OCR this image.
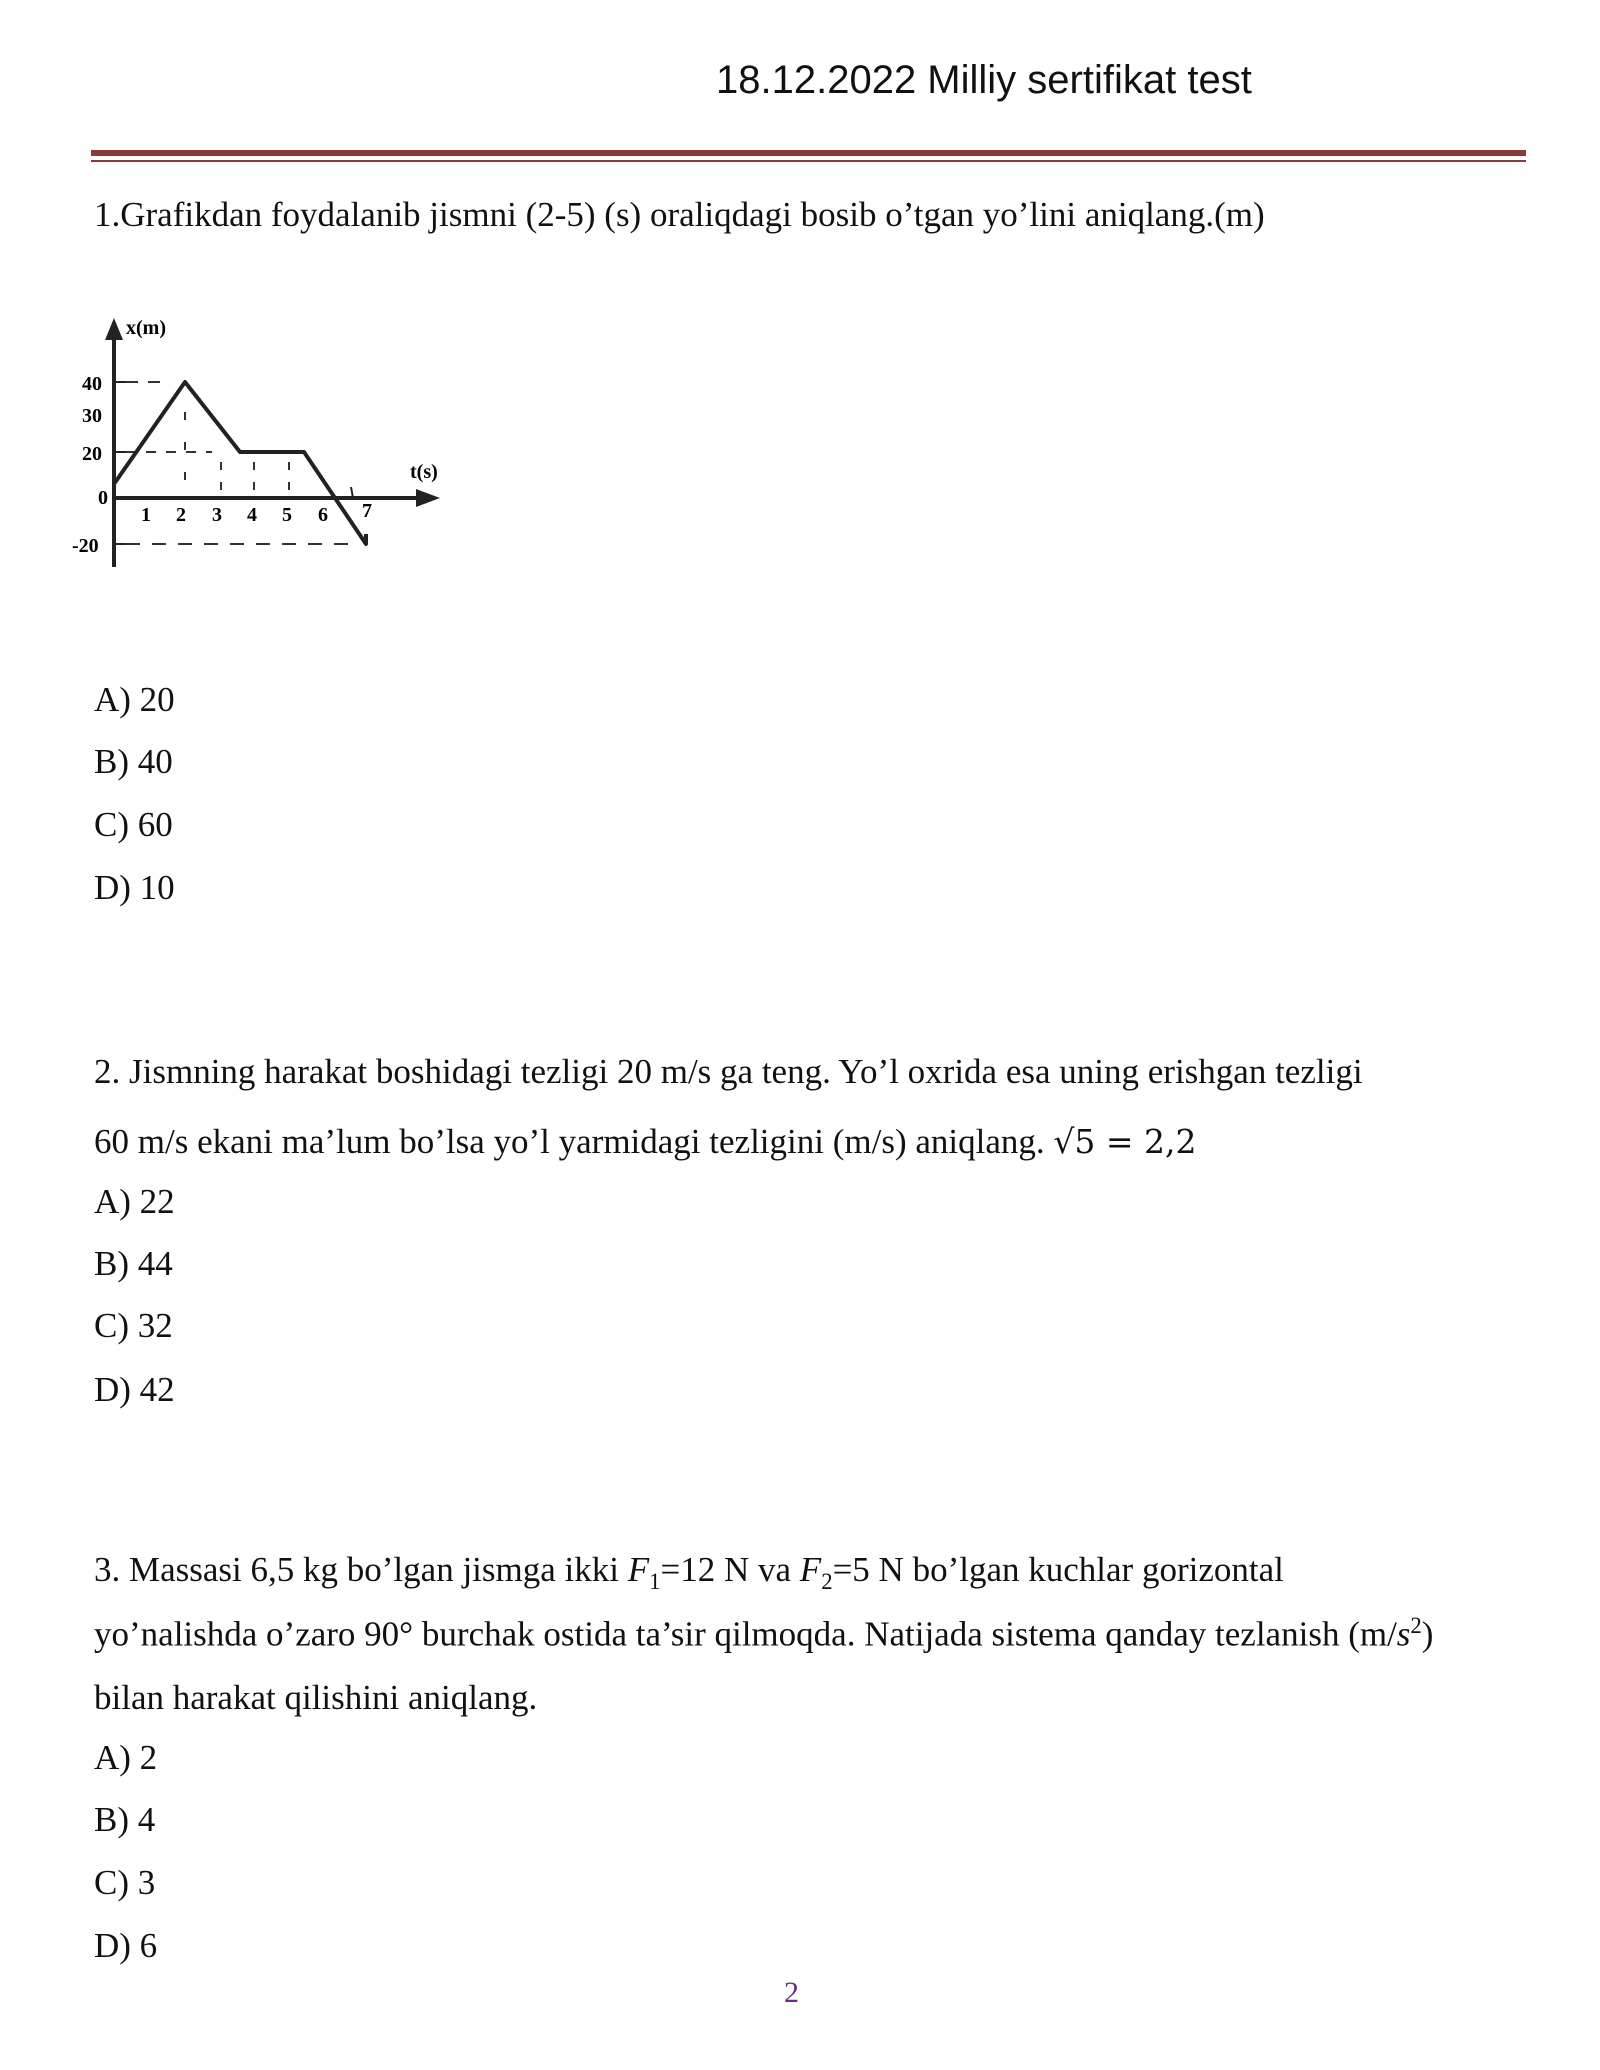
18.12.2022 Milliy sertifikat test
1.Grafikdan foydalanib jismni (2-5) (s) oraliqdagi bosib o’tgan yo’lini aniqlang.(m)
x(m)
t(s)
40
30
20
0
-20
1 2 3 4 5 6 7
A) 20
B) 40
C) 60
D) 10
2. Jismning harakat boshidagi tezligi 20 m/s ga teng. Yo’l oxrida esa uning erishgan tezligi
60 m/s ekani ma’lum bo’lsa yo’l yarmidagi tezligini (m/s) aniqlang. √5 = 2,2
A) 22
B) 44
C) 32
D) 42
3. Massasi 6,5 kg bo’lgan jismga ikki $F_1=12$ N va $F_2=5$ N bo’lgan kuchlar gorizontal
yo’nalishda o’zaro 90° burchak ostida ta’sir qilmoqda. Natijada sistema qanday tezlanish $(m/s^2)$
bilan harakat qilishini aniqlang.
A) 2
B) 4
C) 3
D) 6
2
